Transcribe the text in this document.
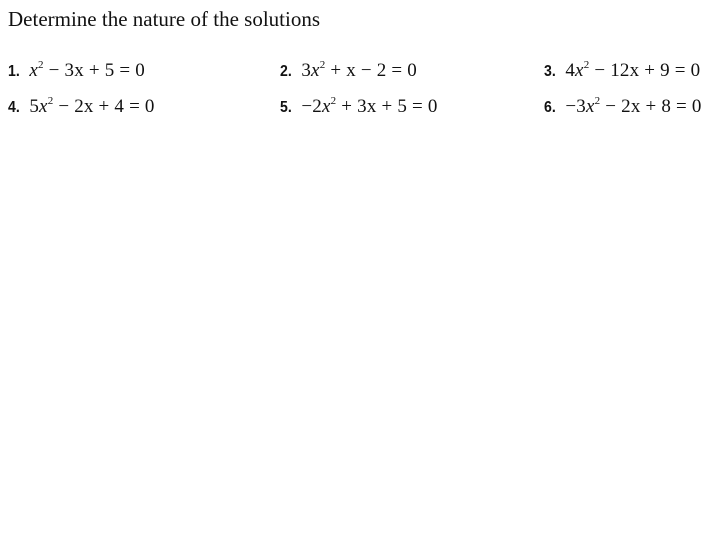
Determine the nature of the solutions
1. $x^2 - 3x + 5 = 0$	2. $3x^2 + x - 2 = 0$	3. $4x^2 - 12x + 9 = 0$
4. $5x^2 - 2x + 4 = 0$	5. $-2x^2 + 3x + 5 = 0$	6. $-3x^2 - 2x + 8 = 0$
